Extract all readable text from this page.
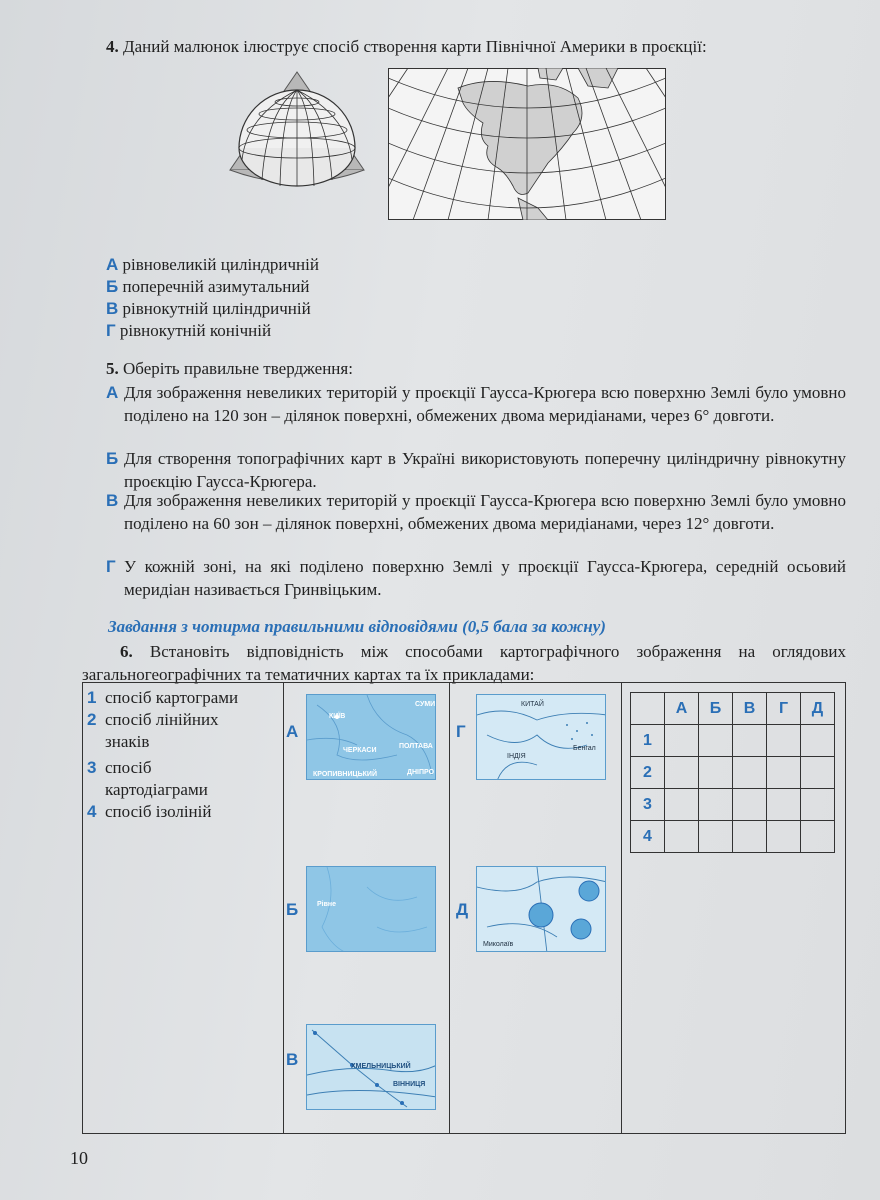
4. Даний малюнок ілюструє спосіб створення карти Північної Америки в проєкції:
А рівновеликій циліндричній
Б поперечній азимутальний
В рівнокутній циліндричній
Г рівнокутній конічній
5. Оберіть правильне твердження:
А Для зображення невеликих територій у проєкції Гаусса-Крюгера всю поверхню Землі було умовно поділено на 120 зон – ділянок поверхні, обмежених двома меридіанами, через 6° довготи.
Б Для створення топографічних карт в Україні використовують поперечну циліндричну рівнокутну проєкцію Гаусса-Крюгера.
В Для зображення невеликих територій у проєкції Гаусса-Крюгера всю поверхню Землі було умовно поділено на 60 зон – ділянок поверхні, обмежених двома меридіанами, через 12° довготи.
Г У кожній зоні, на які поділено поверхню Землі у проєкції Гаусса-Крюгера, середній осьовий меридіан називається Гринвіцьким.
Завдання з чотирма правильними відповідями (0,5 бала за кожну)
6. Встановіть відповідність між способами картографічного зображення на оглядових загальногеографічних та тематичних картах та їх прикладами:
1 спосіб картограми
2 спосіб лінійних знаків
3 спосіб картодіаграми
4 спосіб ізоліній
А
КИЇВ
СУМИ
ЧЕРКАСИ
ПОЛТАВА
КРОПИВНИЦЬКИЙ	ДНІПРО
Б	Рівне
В	ХМЕЛЬНИЦЬКИЙ
ВІННИЦЯ
Г
КИТАЙ
ІНДІЯ
Бенгал
Д
Миколаїв
	А	Б	В	Г	Д
1					
2					
3					
4					
10
